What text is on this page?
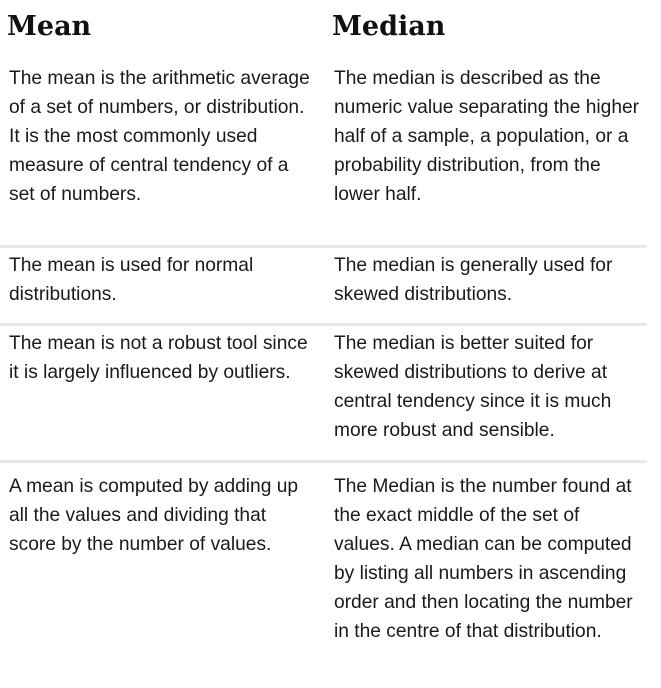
Mean	Median
The mean is the arithmetic average of a set of numbers, or distribution. It is the most commonly used measure of central tendency of a set of numbers.
The median is described as the numeric value separating the higher half of a sample, a population, or a probability distribution, from the lower half.
The mean is used for normal distributions.
The median is generally used for skewed distributions.
The mean is not a robust tool since it is largely influenced by outliers.
The median is better suited for skewed distributions to derive at central tendency since it is much more robust and sensible.
A mean is computed by adding up all the values and dividing that score by the number of values.
The Median is the number found at the exact middle of the set of values. A median can be computed by listing all numbers in ascending order and then locating the number in the centre of that distribution.
